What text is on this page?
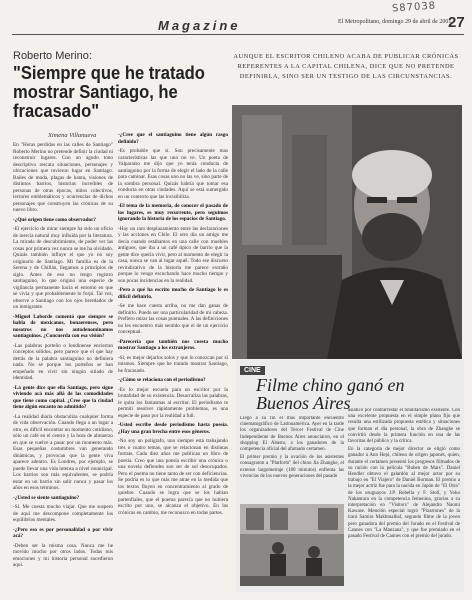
S87038
Magazine	El Metropolitano, domingo 29 de abril de 2001
27
Roberto Merino:
"Siempre que he tratado mostrar Santiago, he fracasado"
AUNQUE EL ESCRITOR CHILENO ACABA DE PUBLICAR CRÓNICAS REFERENTES A LA CAPITAL CHILENA, DICE QUE NO PRETENDE DEFINIRLA, SINO SER UN TESTIGO DE LAS CIRCUNSTANCIAS.
Ximena Villanueva

En "Horas perdidas en las calles de Santiago" Roberto Merino no pretende definir la ciudad ni reconstruir lugares. Con un agudo tono descriptivo rescata situaciones, personajes y ubicaciones que tuvieron lugar en Santiago. Bailes de moda, plagas de hanta, visiones de distintos barrios, historias increíbles de personas de otras épocas, mitos colectivos, lectores emblemáticos y ocurrencias de dichos personajes que construyen las crónicas de su nuevo libro.

-¿Qué origen tiene como observador?

-El ejercicio de mirar siempre ha sido un oficio de inercia natural muy influida por la literatura. La mirada de descubrimiento, de poder ver las cosas por primera vez nunca se me ha olvidado. Quizás también influye el que yo no soy originario de Santiago. Mi familia es de la Serena y de Chillán, llegamos a principios de siglo. Antes de eso no tengo registro santiaguino, lo que originó una especie de vigilancia permanente hacia el entorno en que se vivía y que probablemente lo forjó. Tal vez, observe a Santiago con los ojos heredados de un inmigrante.

-Miguel Laborde comentó que siempre se habla de mexicanos, bonaerenses, pero nosotros no nos autodenominamos santiaguinos. ¿Concuerda con esa visión?

-Las palabras porteño o londinense encierran conceptos sólidos, pero parece que el que hay detrás de la palabra santiaguino no definiera nada. No sé porque los porteños se han empeñado en vivir sin ningún sitiado de identidad.

-La gente dice que ella Santiago, pero sigue viviendo acá más allá de las comodidades que tiene como capital. ¿Cree que la ciudad tiene algún encanto no admitido?

-La realidad diaria obstaculiza cualquier forma de vida observación. Cuando llega a un lugar a otro, es difícil encontrar un momento cotidiano, sólo un café en el centro y la hora de almuerzo en que se vuelve a pasar por un momento más. Esas pequeñas costumbres van generando dinámicas, y provocan que la gente viva aparece adentro. Es Londres, por ejemplo, se puede llevar una vida intensa a nivel municipal. Los barrios son más equivalentes, se podría estar en un barrio sin salir nunca y pasar los años en esos términos.

-¿Usted se siente santiaguino?

-Sí. Me cuesta mucho viajar. Que me suspero de aquí me descompone completamente los equilibrios mentales.

-¿Pero eso es por personalidad o por vivir acá?

-Deben ser la misma cosa. Nunca me he movido mucho por otros lados. Todas mis emociones y mi historia personal sucedieron aquí.

-¿Cree que el santiaguino tiene algún rasgo definido?

-Es probable que sí. Son precisamente mas características las que uno no ve. Un poeta de Valparaíso me dijo que yo tenía conducta de santiaguino por la forma de elegir el lado de la calle para caminar. Esas cosas uno no las ve, sino parte de la sombra personal. Quizás habría que tomar esa conducta en otras ciudades. Aquí se está sumergido en un contexto que las invisibiliza.

-El tema de la memoria, de conocer el pasado de los lugares, es muy recurrente, pero seguimos ignorando la historia de los espacios de Santiago.

-Hay un raro desplazamiento entre las declaraciones y las acciones en Chile. El otro día un amigo me decía cuando estábamos en una calle con muebles antiguos, que iba a un café típico de barrio que la gente dice quería vivir, pero al momento de elegir la casa, nunca se van al lugar aquél. Todo ese discurso revindicativo de la historia me parece extraño porque lo vengo escuchando hace mucho tiempo y son pocas incidencias en la realidad.

-Pero a qué ha escrito mucho de Santiago le es difícil definirlo.

-Se me hace cuesta arriba, no me dan ganas de definirlo. Puedo ser una particularidad de mi cabeza. Prefiero mirar las cosas puntuales. A las definiciones no les encuentro más sentido que el de un ejercicio conceptual.

-Parecería que también nos cuesta mucho mostrar Santiago a los extranjeros.

-Sí, es mejor dejarlos solos y que lo conozcan por sí mismos. Siempre que he tratado mostrar Santiago, he fracasado.

-¿Cómo se relaciona con el periodismo?

-Es lo mejor escuela para un escritor por la brutalidad de su existencia. Desacraliza las palabras, le quita los fantasmas al escritor. El periodismo te permiti resolver rápidamente problemas, es una especie de paso por la realidad a full.

-Usted escribe desde periodismo hasta poesía. ¿Hay una gran brecha entre esos géneros.

-No soy un polígrafo, uno siempre está trabajando tres o cuatro temas, que se relacionan en distintas formas. Cada diez años me publican un libro de poesía. Creo que una poesía escribir una crónica o una novela defiendes son ser de sol desocupados. Pero el poema no tiene tanto de ser con deficiencias. Se podría es lo que más me atrae en la medida que los textos fluyen en concentramiento al grado de quiebre. Cuando se logra que se los habían partenfiales, que el poema parecía que no hubiera escrito por uno, se alcanza el objetivo. En las crónicas en cambio, me reconozco en todas partes.

CINE
Filme chino ganó en Buenos Aires

Llegó a su fin el más importante encuentro cinematográfico de Latinoamérica. Ayer en la tarde los organizadores del Tercer Festival de Cine Independiente de Buenos Aires anunciaron, en el shopping El Abasto, a los ganadores de la competencia oficial del afamado certamen.

El primer premio y la ovación de los asistentes consagraron a "Platform" del chino Jia Zhangke, el extenso largometraje (180 minutos) enfrenta las vivencias de los nuevos generaciones del pasado

asiático por contrarrestar el totalitarismo existente. Con una excelente propuesta en el simple plano fijo que resulta una estilizada propuesta estética y situaciones que forman el día personal, la obra de Zhangke se convirtió desde la primera función en una de las favoritas del público y la crítica.

En la categoría de mejor director se eligió como ganador a Ann Hepi, chileno de origen japonés, quien, durante el certamen presentó los progresos filmados de su ración con la película "Ruben de Mars". Daniel Hendler obtuvo el galardón al mejor actor por su trabajo en "El Viajero" de Daniel Burman. El premio a la mejor actriz fue para la nacida en Japón de "El Otro" de los uruguayos J.P. Rebella y F. Stoll, y Yoko Nakamura en la competencia femenina, gracias a su interpretación en "Visitors" de Alejandro Naomi Kawase. Mención especial logró "Pizarrones" de la iraní Samira Makhmalbaf, segundo filme de la joven pero ganadora del premio del Jurado en el Festival de Cannes con "La Manzana", y que fue premiado en el pasado Festival de Cannes con el premio del jurado.
